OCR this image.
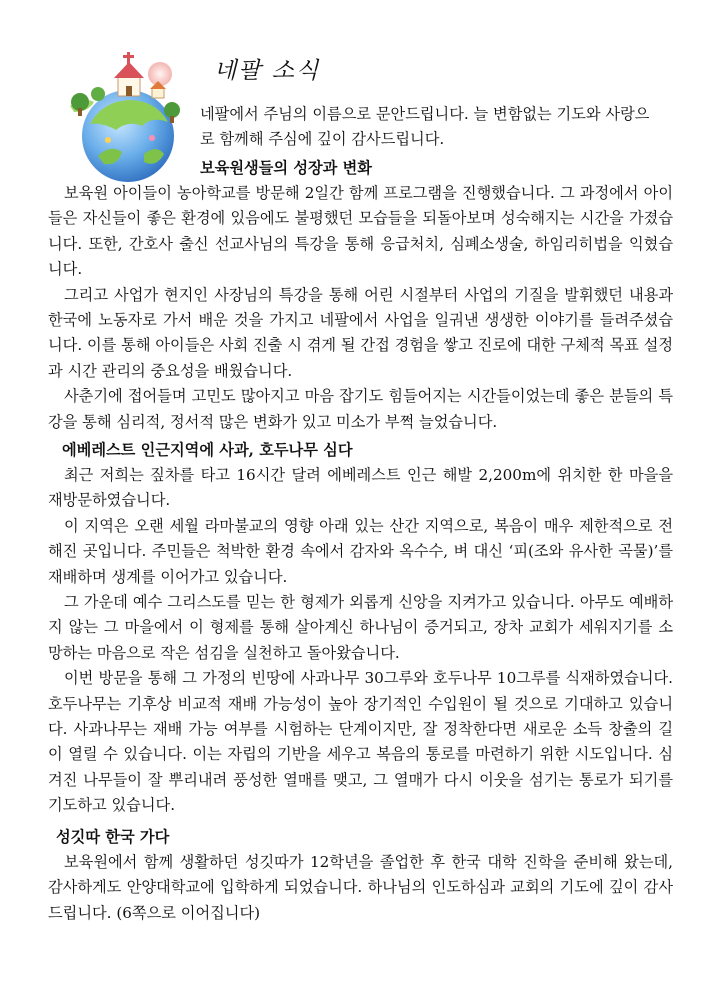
네팔 소식

네팔에서 주님의 이름으로 문안드립니다. 늘 변함없는 기도와 사랑으로 함께해 주심에 깊이 감사드립니다.

보육원생들의 성장과 변화

보육원 아이들이 농아학교를 방문해 2일간 함께 프로그램을 진행했습니다. 그 과정에서 아이들은 자신들이 좋은 환경에 있음에도 불평했던 모습들을 되돌아보며 성숙해지는 시간을 가졌습니다. 또한, 간호사 출신 선교사님의 특강을 통해 응급처치, 심폐소생술, 하임리히법을 익혔습니다.

그리고 사업가 현지인 사장님의 특강을 통해 어린 시절부터 사업의 기질을 발휘했던 내용과 한국에 노동자로 가서 배운 것을 가지고 네팔에서 사업을 일궈낸 생생한 이야기를 들려주셨습니다. 이를 통해 아이들은 사회 진출 시 겪게 될 간접 경험을 쌓고 진로에 대한 구체적 목표 설정과 시간 관리의 중요성을 배웠습니다.

사춘기에 접어들며 고민도 많아지고 마음 잡기도 힘들어지는 시간들이었는데 좋은 분들의 특강을 통해 심리적, 정서적 많은 변화가 있고 미소가 부쩍 늘었습니다.

에베레스트 인근지역에 사과, 호두나무 심다

최근 저희는 짚차를 타고 16시간 달려 에베레스트 인근 해발 2,200m에 위치한 한 마을을 재방문하였습니다.

이 지역은 오랜 세월 라마불교의 영향 아래 있는 산간 지역으로, 복음이 매우 제한적으로 전해진 곳입니다. 주민들은 척박한 환경 속에서 감자와 옥수수, 벼 대신 ‘피(조와 유사한 곡물)’를 재배하며 생계를 이어가고 있습니다.

그 가운데 예수 그리스도를 믿는 한 형제가 외롭게 신앙을 지켜가고 있습니다. 아무도 예배하지 않는 그 마을에서 이 형제를 통해 살아계신 하나님이 증거되고, 장차 교회가 세워지기를 소망하는 마음으로 작은 섬김을 실천하고 돌아왔습니다.

이번 방문을 통해 그 가정의 빈땅에 사과나무 30그루와 호두나무 10그루를 식재하였습니다. 호두나무는 기후상 비교적 재배 가능성이 높아 장기적인 수입원이 될 것으로 기대하고 있습니다. 사과나무는 재배 가능 여부를 시험하는 단계이지만, 잘 정착한다면 새로운 소득 창출의 길이 열릴 수 있습니다. 이는 자립의 기반을 세우고 복음의 통로를 마련하기 위한 시도입니다. 심겨진 나무들이 잘 뿌리내려 풍성한 열매를 맺고, 그 열매가 다시 이웃을 섬기는 통로가 되기를 기도하고 있습니다.

성깃따 한국 가다

보육원에서 함께 생활하던 성깃따가 12학년을 졸업한 후 한국 대학 진학을 준비해 왔는데, 감사하게도 안양대학교에 입학하게 되었습니다. 하나님의 인도하심과 교회의 기도에 깊이 감사드립니다. (6쪽으로 이어집니다)
